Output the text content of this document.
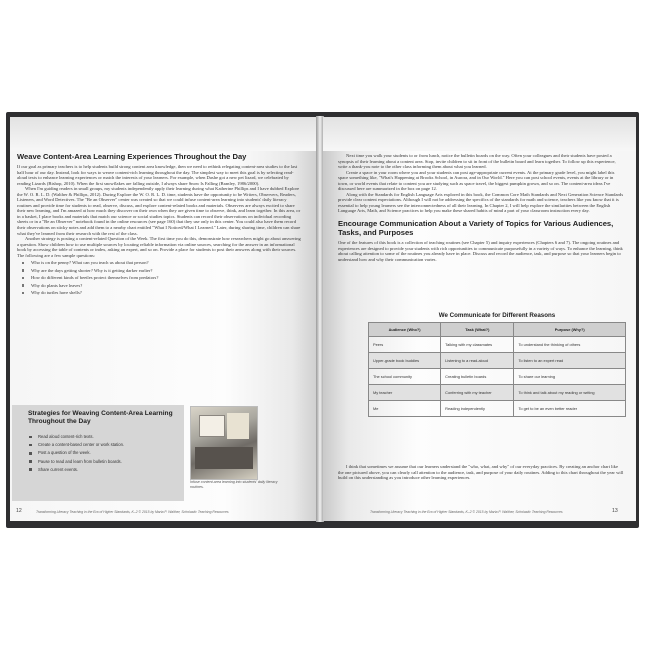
Weave Content-Area Learning Experiences Throughout the Day

If our goal as primary teachers is to help students build strong content area knowledge, then we need to rethink relegating content-area studies to the last half hour of our day. Instead, look for ways to weave content-rich learning throughout the day. The simplest way to meet this goal is by selecting read-aloud texts to enhance learning experiences or match the interests of your learners. For example, when Dashe got a new pet lizard, we celebrated by reading Lizards (Bishop, 2010). When the first snowflakes are falling outside, I always share Snow Is Falling (Branley, 1986/2000).

When I'm guiding readers in small groups, my students independently apply their learning during what Katherine Phillips and I have dubbed Explore the W. O. R. L. D. (Walther & Phillips, 2012). During Explore the W. O. R. L. D. time, students have the opportunity to be Writers, Observers, Readers, Listeners, and Word Detectives. The "Be an Observer" center was created so that we could infuse content-area learning into students' daily literacy routines and provide time for students to read, observe, discuss, and explore content-related books and materials. Observers are always excited to share their new learning, and I'm amazed at how much they discover on their own when they are given time to observe, think, and learn together. In this area, or in a basket, I place books and materials that match our science or social studies topics. Students can record their observations on individual recording sheets or in a "Be an Observer" notebook found in the online resources (see page 160) that they use only in this center. You could also have them record their observations on sticky notes and add them to a nearby chart entitled "What I Noticed/What I Learned." Later, during sharing time, children can share what they've learned from their research with the rest of the class.

Another strategy is posting a content-related Question of the Week. The first time you do this, demonstrate how researchers might go about answering a question. Show children how to use multiple sources by locating reliable information via online sources, searching for the answer in an informational book by accessing the table of contents or index, asking an expert, and so on. Provide a place for students to post their answers along with their sources. The following are a few sample questions:

Who is on the penny? What can you teach us about that person?
Why are the days getting shorter? Why is it getting darker earlier?
How do different kinds of beetles protect themselves from predators?
Why do plants have leaves?
Why do turtles have shells?
Strategies for Weaving Content-Area Learning Throughout the Day
Read aloud content-rich texts.
Create a content-based center or work station.
Post a question of the week.
Pause to read and learn from bulletin boards.
Share current events.
Infuse content-area learning into students' daily literacy routines.
12	Transforming Literacy Teaching in the Era of Higher Standards, K–2 © 2015 by Maria P. Walther, Scholastic Teaching Resources

Next time you walk your students to or from lunch, notice the bulletin boards on the way. Often your colleagues and their students have posted a synopsis of their learning about a content area. Stop, invite children to sit in front of the bulletin board and learn together. To follow up this experience, write a thank-you note to the other class informing them about what you learned.

Create a space in your room where you and your students can post age-appropriate current events. At the primary grade level, you might label this space something like, "What's Happening at Brooks School, in Aurora, and in Our World." Here you can post school events, events at the library or in town, or world events that relate to content you are studying such as space travel, the biggest pumpkin grown, and so on. The content-area ideas I've discussed here are summarized in the box on page 12.

Along with the Standards for English Language Arts explored in this book, the Common Core Math Standards and Next Generation Science Standards provide clear content expectations. Although I will not be addressing the specifics of the standards for math and science, teachers like you know that it is essential to help young learners see the interconnectedness of all their learning. In Chapter 2, I will help explore the similarities between the English Language Arts, Math, and Science practices to help you make these shared habits of mind a part of your classroom instruction every day.

Encourage Communication About a Variety of Topics for Various Audiences, Tasks, and Purposes

One of the features of this book is a collection of teaching routines (see Chapter 5) and inquiry experiences (Chapters 6 and 7). The ongoing routines and experiences are designed to provide your students with rich opportunities to communicate purposefully in a variety of ways. To enhance the learning, think about calling attention to some of the routines you already have in place. Discuss and record the audience, task, and purpose so that your learners begin to understand how and why their communication varies.

We Communicate for Different Reasons
Audience (Who?)	Task (What?)	Purpose (Why?)
Peers	Talking with my classmates	To understand the thinking of others
Upper-grade book buddies	Listening to a read-aloud	To listen to an expert read
The school community	Creating bulletin boards	To share our learning
My teacher	Conferring with my teacher	To think and talk about my reading or writing
Me	Reading independently	To get to be an even better reader

I think that sometimes we assume that our learners understand the "who, what, and why" of our everyday practices. By creating an anchor chart like the one pictured above, you can clearly call attention to the audience, task, and purpose of your daily routines. Adding to this chart throughout the year will build on this understanding as you introduce other learning experiences.

Transforming Literacy Teaching in the Era of Higher Standards, K–2 © 2015 by Maria P. Walther, Scholastic Teaching Resources	13
